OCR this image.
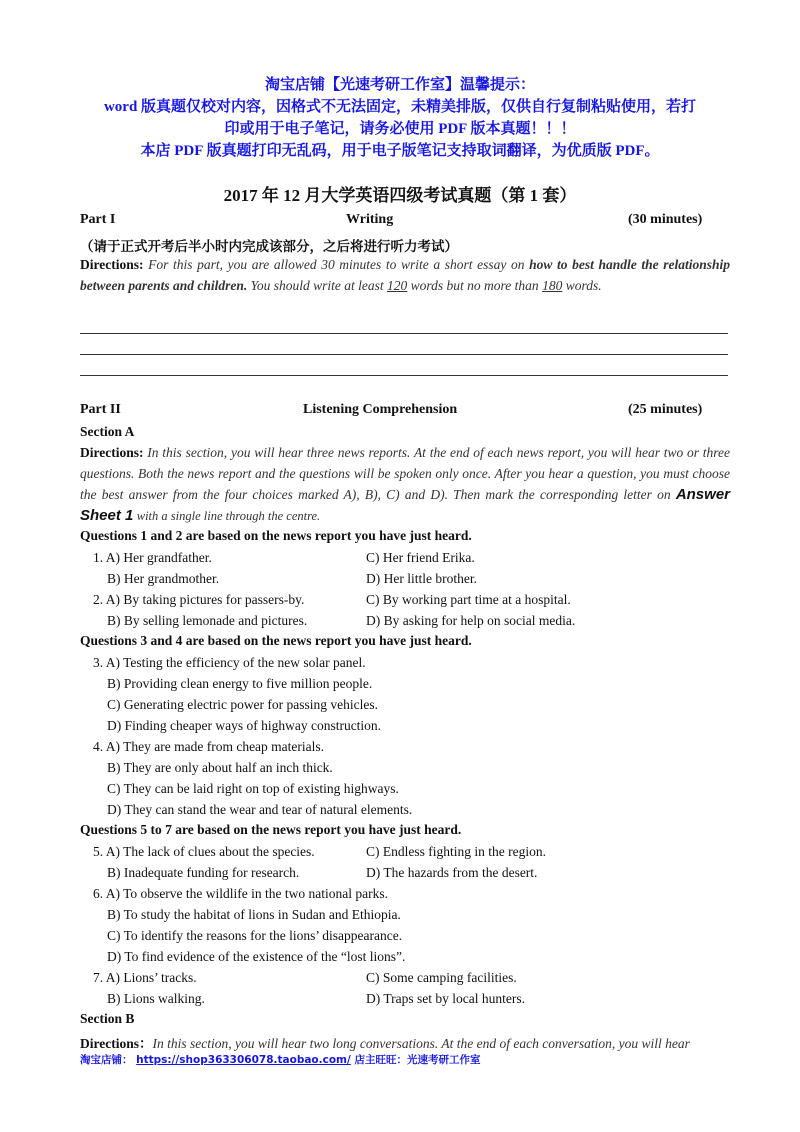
淘宝店铺【光速考研工作室】温馨提示：
word 版真题仅校对内容，因格式不无法固定，未精美排版，仅供自行复制粘贴使用，若打
印或用于电子笔记，请务必使用 PDF 版本真题！！！
本店 PDF 版真题打印无乱码，用于电子版笔记支持取词翻译，为优质版 PDF。
2017 年 12 月大学英语四级考试真题（第 1 套）
Part I	Writing	(30 minutes)
（请于正式开考后半小时内完成该部分，之后将进行听力考试）
Directions: For this part, you are allowed 30 minutes to write a short essay on how to best handle the relationship between parents and children. You should write at least 120 words but no more than 180 words.
Part II	Listening Comprehension	(25 minutes)
Section A
Directions: In this section, you will hear three news reports. At the end of each news report, you will hear two or three questions. Both the news report and the questions will be spoken only once. After you hear a question, you must choose the best answer from the four choices marked A), B), C) and D). Then mark the corresponding letter on Answer Sheet 1 with a single line through the centre.
Questions 1 and 2 are based on the news report you have just heard.
1. A) Her grandfather.	C) Her friend Erika.
B) Her grandmother.	D) Her little brother.
2. A) By taking pictures for passers-by.	C) By working part time at a hospital.
B) By selling lemonade and pictures.	D) By asking for help on social media.
Questions 3 and 4 are based on the news report you have just heard.
3. A) Testing the efficiency of the new solar panel.
B) Providing clean energy to five million people.
C) Generating electric power for passing vehicles.
D) Finding cheaper ways of highway construction.
4. A) They are made from cheap materials.
B) They are only about half an inch thick.
C) They can be laid right on top of existing highways.
D) They can stand the wear and tear of natural elements.
Questions 5 to 7 are based on the news report you have just heard.
5. A) The lack of clues about the species.	C) Endless fighting in the region.
B) Inadequate funding for research.	D) The hazards from the desert.
6. A) To observe the wildlife in the two national parks.
B) To study the habitat of lions in Sudan and Ethiopia.
C) To identify the reasons for the lions’ disappearance.
D) To find evidence of the existence of the “lost lions”.
7. A) Lions’ tracks.	C) Some camping facilities.
B) Lions walking.	D) Traps set by local hunters.
Section B
Directions：In this section, you will hear two long conversations. At the end of each conversation, you will hear
淘宝店铺： https://shop363306078.taobao.com/ 店主旺旺：光速考研工作室
